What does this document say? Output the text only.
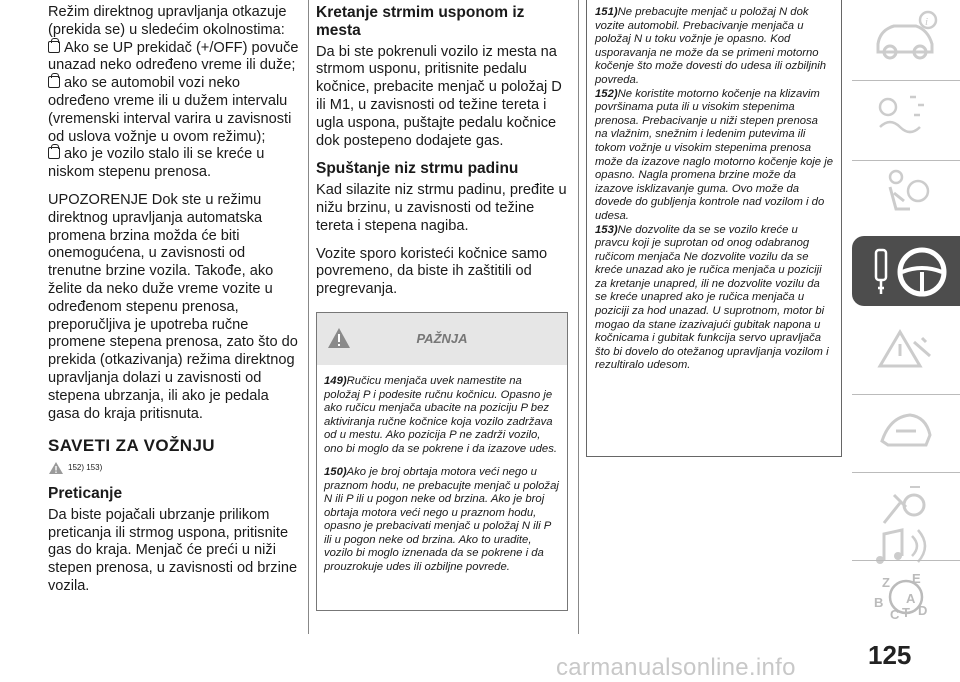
Režim direktnog upravljanja otkazuje (prekida se) u sledećim okolnostima:

Ako se UP prekidač (+/OFF) povuče unazad neko određeno vreme ili duže;

ako se automobil vozi neko određeno vreme ili u dužem intervalu (vremenski interval varira u zavisnosti od uslova vožnje u ovom režimu);

ako je vozilo stalo ili se kreće u niskom stepenu prenosa.

UPOZORENJE Dok ste u režimu direktnog upravljanja automatska promena brzina možda će biti onemogućena, u zavisnosti od trenutne brzine vozila. Takođe, ako želite da neko duže vreme vozite u određenom stepenu prenosa, preporučljiva je upotreba ručne promene stepena prenosa, zato što do prekida (otkazivanja) režima direktnog upravljanja dolazi u zavisnosti od stepena ubrzanja, ili ako je pedala gasa do kraja pritisnuta.

SAVETI ZA VOŽNJU
152) 153)
Preticanje

Da biste pojačali ubrzanje prilikom preticanja ili strmog uspona, pritisnite gas do kraja. Menjač će preći u niži stepen prenosa, u zavisnosti od brzine vozila.

Kretanje strmim usponom iz mesta

Da bi ste pokrenuli vozilo iz mesta na strmom usponu, pritisnite pedalu kočnice, prebacite menjač u položaj D ili M1, u zavisnosti od težine tereta i ugla uspona, puštajte pedalu kočnice dok postepeno dodajete gas.

Spuštanje niz strmu padinu

Kad silazite niz strmu padinu, pređite u nižu brzinu, u zavisnosti od težine tereta i stepena nagiba.

Vozite sporo koristeći kočnice samo povremeno, da biste ih zaštitili od pregrevanja.

PAŽNJA

149)Ručicu menjača uvek namestite na položaj P i podesite ručnu kočnicu. Opasno je ako ručicu menjača ubacite na poziciju P bez aktiviranja ručne kočnice koja vozilo zadržava od u mestu. Ako pozicija P ne zadrži vozilo, ono bi moglo da se pokrene i da izazove udes.

150)Ako je broj obrtaja motora veći nego u praznom hodu, ne prebacujte menjač u položaj N ili P ili u pogon neke od brzina. Ako je broj obrtaja motora veći nego u praznom hodu, opasno je prebacivati menjač u položaj N ili P ili u pogon neke od brzina. Ako to uradite, vozilo bi moglo iznenada da se pokrene i da prouzrokuje udes ili ozbiljne povrede.

151)Ne prebacujte menjač u položaj N dok vozite automobil. Prebacivanje menjača u položaj N u toku vožnje je opasno. Kod usporavanja ne može da se primeni motorno kočenje što može dovesti do udesa ili ozbiljnih povreda.

152)Ne koristite motorno kočenje na klizavim površinama puta ili u visokim stepenima prenosa. Prebacivanje u niži stepen prenosa na vlažnim, snežnim i ledenim putevima ili tokom vožnje u visokim stepenima prenosa može da izazove naglo motorno kočenje koje je opasno. Nagla promena brzine može da izazove isklizavanje guma. Ovo može da dovede do gubljenja kontrole nad vozilom i do udesa.

153)Ne dozvolite da se se vozilo kreće u pravcu koji je suprotan od onog odabranog ručicom menjača Ne dozvolite vozilu da se kreće unazad ako je ručica menjača u poziciji za kretanje unapred, ili ne dozvolite vozilu da se kreće unapred ako je ručica menjača u poziciji za hod unazad. U suprotnom, motor bi mogao da stane izazivajući gubitak napona u kočnicama i gubitak funkcija servo upravljača što bi dovelo do otežanog upravljanja vozilom i rezultiralo udesom.

i
Z E
B
D
C T
A
125
carmanualsonline.info
